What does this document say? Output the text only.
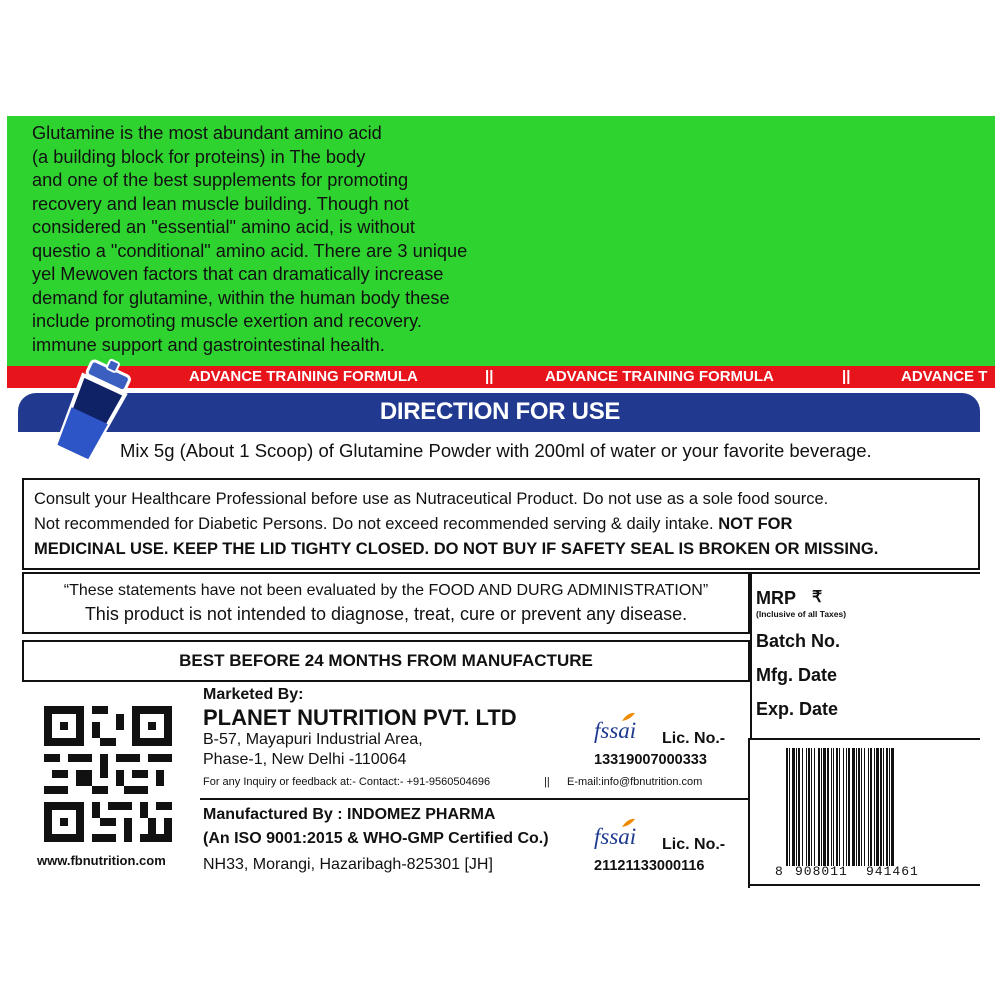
Glutamine is the most abundant amino acid
(a building block for proteins) in The body
and one of the best supplements for promoting
recovery and lean muscle building. Though not
considered an "essential" amino acid, is without
questio a "conditional" amino acid. There are 3 unique
yel Mewoven factors that can dramatically increase
demand for glutamine, within the human body these
include promoting muscle exertion and recovery.
immune support and gastrointestinal health.
ADVANCE TRAINING FORMULA	||	ADVANCE TRAINING FORMULA	||	ADVANCE T
DIRECTION FOR USE
Mix 5g (About 1 Scoop) of Glutamine Powder with 200ml of water or your favorite beverage.

Consult your Healthcare Professional before use as Nutraceutical Product. Do not use as a sole food source.

Not recommended for Diabetic Persons. Do not exceed recommended serving & daily intake. NOT FOR

MEDICINAL USE. KEEP THE LID TIGHTY CLOSED. DO NOT BUY IF SAFETY SEAL IS BROKEN OR MISSING.

“These statements have not been evaluated by the FOOD AND DURG ADMINISTRATION”
This product is not intended to diagnose, treat, cure or prevent any disease.
BEST BEFORE 24 MONTHS FROM MANUFACTURE
MRP ₹
(Inclusive of all Taxes)
Batch No.
Mfg. Date
Exp. Date
www.fbnutrition.com
Marketed By:
PLANET NUTRITION PVT. LTD
B-57, Mayapuri Industrial Area,
Phase-1, New Delhi -110064
For any Inquiry or feedback at:- Contact:- +91-9560504696	|| E-mail:info@fbnutrition.com
fssai Lic. No.-
13319007000333
Manufactured By : INDOMEZ PHARMA
(An ISO 9001:2015 & WHO-GMP Certified Co.)
NH33, Morangi, Hazaribagh-825301 [JH]
fssai Lic. No.-
21121133000116	8 908011 941461
